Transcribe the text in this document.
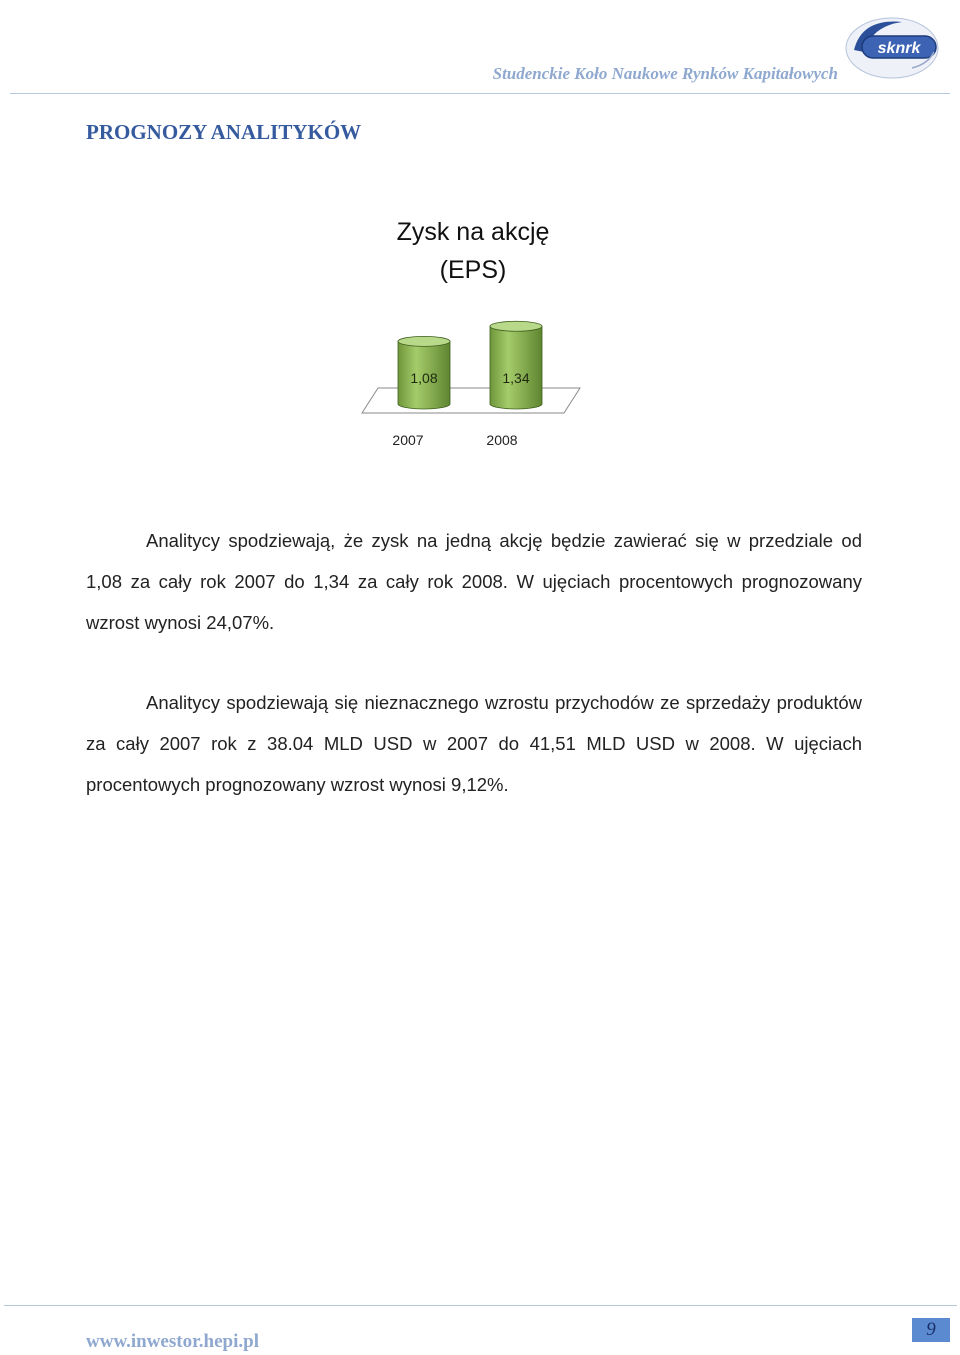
Studenckie Koło Naukowe Rynków Kapitałowych
sknrk
PROGNOZY ANALITYKÓW
Zysk na akcję
(EPS)
1,08
2007
1,34
2008
Analitycy spodziewają, że zysk na jedną akcję będzie zawierać się w przedziale od 1,08 za cały rok 2007 do 1,34 za cały rok 2008. W ujęciach procentowych prognozowany wzrost wynosi 24,07%.
Analitycy spodziewają się nieznacznego wzrostu przychodów ze sprzedaży produktów za cały 2007 rok z 38.04 MLD USD w 2007 do 41,51 MLD USD w 2008. W ujęciach procentowych prognozowany wzrost wynosi 9,12%.
www.inwestor.hepi.pl
9
